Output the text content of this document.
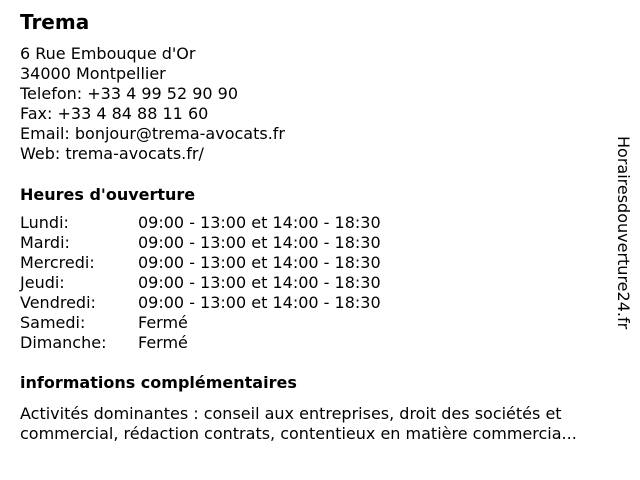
Trema

6 Rue Embouque d'Or

34000 Montpellier

Telefon: +33 4 99 52 90 90

Fax: +33 4 84 88 11 60

Email: bonjour@trema-avocats.fr

Web: trema-avocats.fr/

Heures d'ouverture
Lundi:	09:00 - 13:00 et 14:00 - 18:30
Mardi:	09:00 - 13:00 et 14:00 - 18:30
Mercredi:	09:00 - 13:00 et 14:00 - 18:30
Jeudi:	09:00 - 13:00 et 14:00 - 18:30
Vendredi:	09:00 - 13:00 et 14:00 - 18:30
Samedi:	Fermé
Dimanche:	Fermé
informations complémentaires
Activités dominantes : conseil aux entreprises, droit des sociétés et
commercial, rédaction contrats, contentieux en matière commercia...
Horairesdouverture24.fr
